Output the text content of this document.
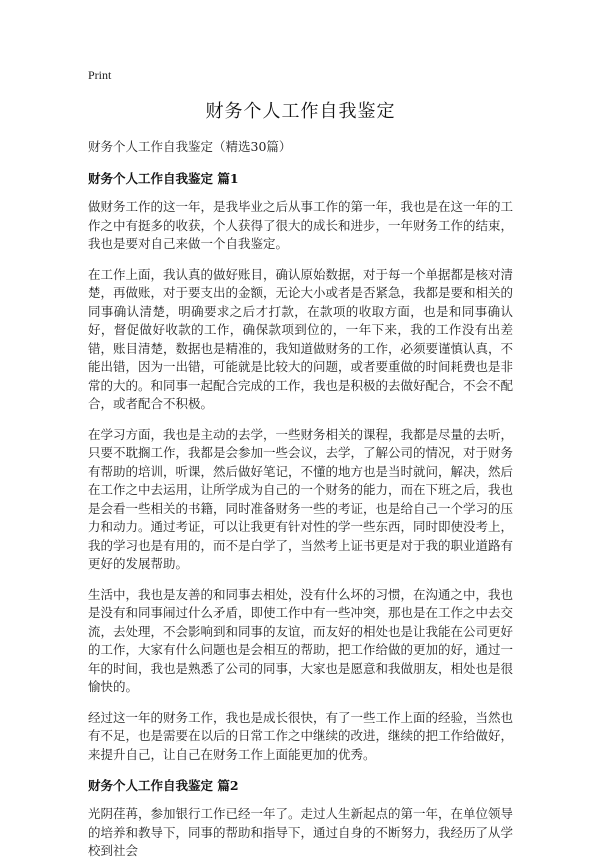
Print
财务个人工作自我鉴定

财务个人工作自我鉴定（精选30篇）

财务个人工作自我鉴定 篇1

做财务工作的这一年，是我毕业之后从事工作的第一年，我也是在这一年的工作之中有挺多的收获，个人获得了很大的成长和进步，一年财务工作的结束，我也是要对自己来做一个自我鉴定。

在工作上面，我认真的做好账目，确认原始数据，对于每一个单据都是核对清楚，再做账，对于要支出的金额，无论大小或者是否紧急，我都是要和相关的同事确认清楚，明确要求之后才打款，在款项的收取方面，也是和同事确认好，督促做好收款的工作，确保款项到位的，一年下来，我的工作没有出差错，账目清楚，数据也是精准的，我知道做财务的工作，必须要谨慎认真，不能出错，因为一出错，可能就是比较大的问题，或者要重做的时间耗费也是非常的大的。和同事一起配合完成的工作，我也是积极的去做好配合，不会不配合，或者配合不积极。

在学习方面，我也是主动的去学，一些财务相关的课程，我都是尽量的去听，只要不耽搁工作，我都是会参加一些会议，去学，了解公司的情况，对于财务有帮助的培训，听课，然后做好笔记，不懂的地方也是当时就问，解决，然后在工作之中去运用，让所学成为自己的一个财务的能力，而在下班之后，我也是会看一些相关的书籍，同时准备财务一些的考证，也是给自己一个学习的压力和动力。通过考证，可以让我更有针对性的学一些东西，同时即使没考上，我的学习也是有用的，而不是白学了，当然考上证书更是对于我的职业道路有更好的发展帮助。

生活中，我也是友善的和同事去相处，没有什么坏的习惯，在沟通之中，我也是没有和同事闹过什么矛盾，即使工作中有一些冲突，那也是在工作之中去交流，去处理，不会影响到和同事的友谊，而友好的相处也是让我能在公司更好的工作，大家有什么问题也是会相互的帮助，把工作给做的更加的好，通过一年的时间，我也是熟悉了公司的同事，大家也是愿意和我做朋友，相处也是很愉快的。

经过这一年的财务工作，我也是成长很快，有了一些工作上面的经验，当然也有不足，也是需要在以后的日常工作之中继续的改进，继续的把工作给做好，来提升自己，让自己在财务工作上面能更加的优秀。

财务个人工作自我鉴定 篇2

光阴荏苒，参加银行工作已经一年了。走过人生新起点的第一年，在单位领导的培养和教导下，同事的帮助和指导下，通过自身的不断努力，我经历了从学校到社会
